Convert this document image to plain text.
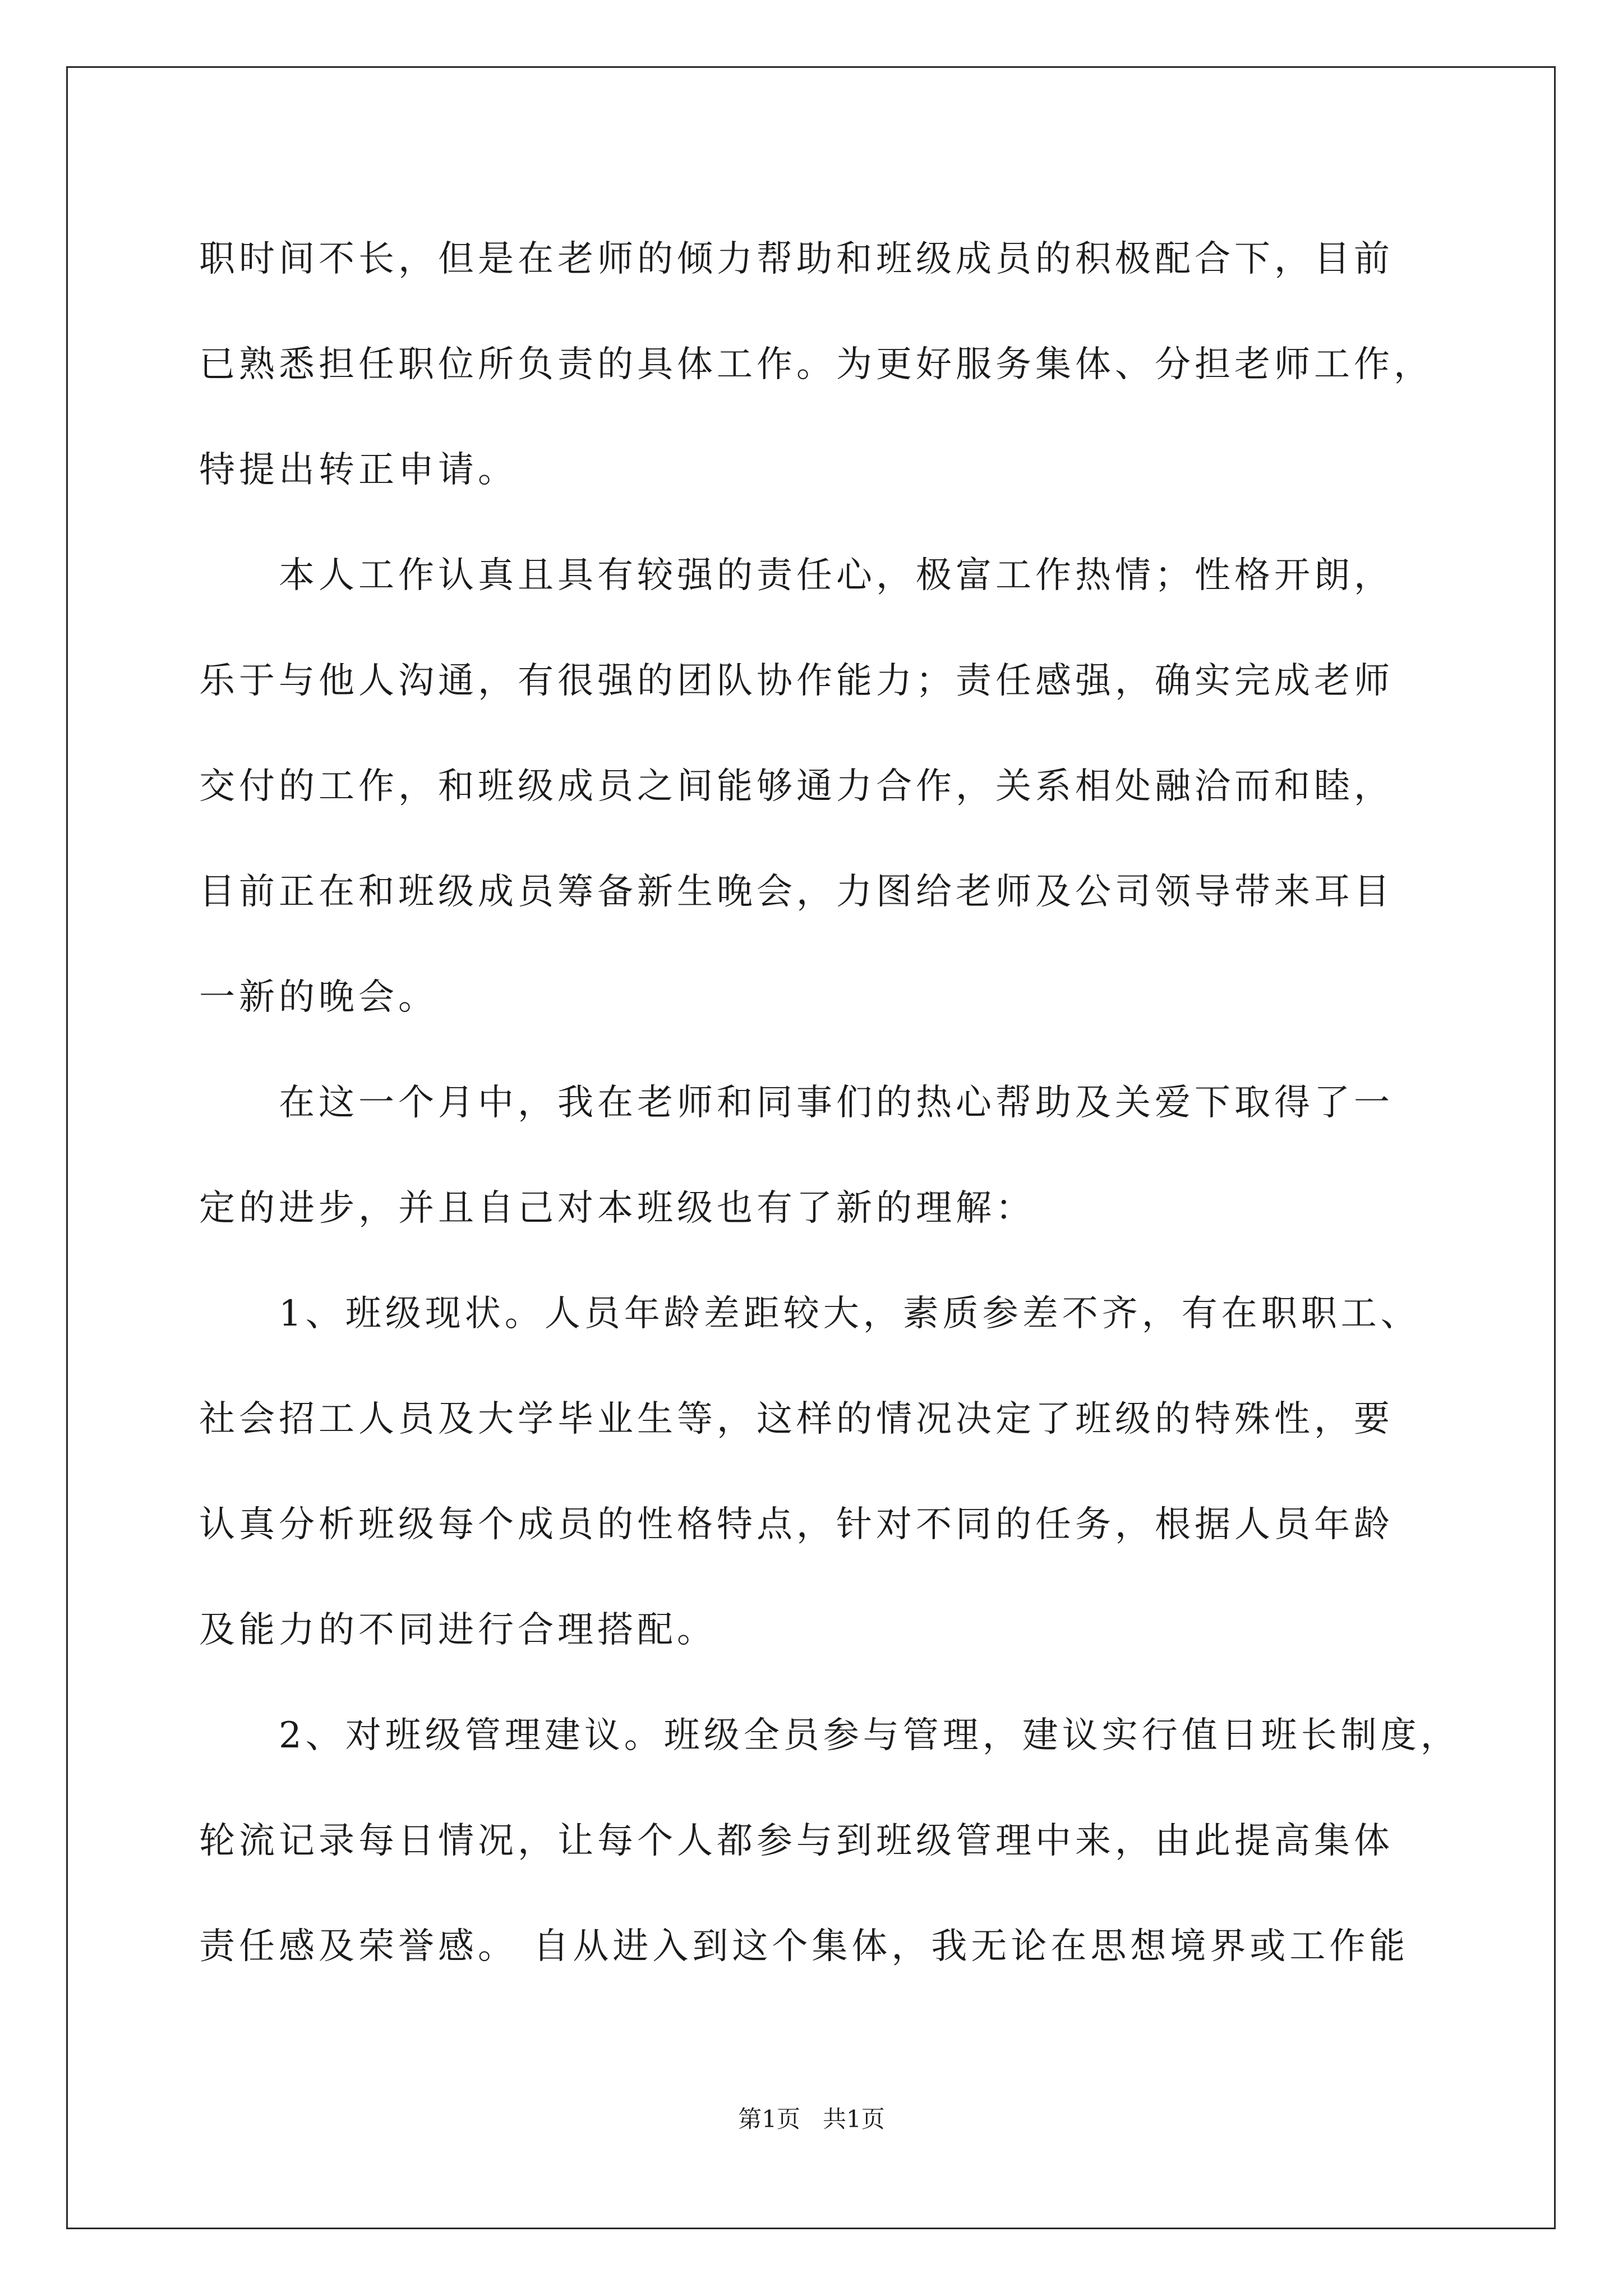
职时间不长，但是在老师的倾力帮助和班级成员的积极配合下，目前
已熟悉担任职位所负责的具体工作。为更好服务集体、分担老师工作，
特提出转正申请。
本人工作认真且具有较强的责任心，极富工作热情；性格开朗，
乐于与他人沟通，有很强的团队协作能力；责任感强，确实完成老师
交付的工作，和班级成员之间能够通力合作，关系相处融洽而和睦，
目前正在和班级成员筹备新生晚会，力图给老师及公司领导带来耳目
一新的晚会。
在这一个月中，我在老师和同事们的热心帮助及关爱下取得了一
定的进步，并且自己对本班级也有了新的理解：
1、班级现状。人员年龄差距较大，素质参差不齐，有在职职工、
社会招工人员及大学毕业生等，这样的情况决定了班级的特殊性，要
认真分析班级每个成员的性格特点，针对不同的任务，根据人员年龄
及能力的不同进行合理搭配。
2、对班级管理建议。班级全员参与管理，建议实行值日班长制度，
轮流记录每日情况，让每个人都参与到班级管理中来，由此提高集体
责任感及荣誉感。 自从进入到这个集体，我无论在思想境界或工作能
第1页   共1页
